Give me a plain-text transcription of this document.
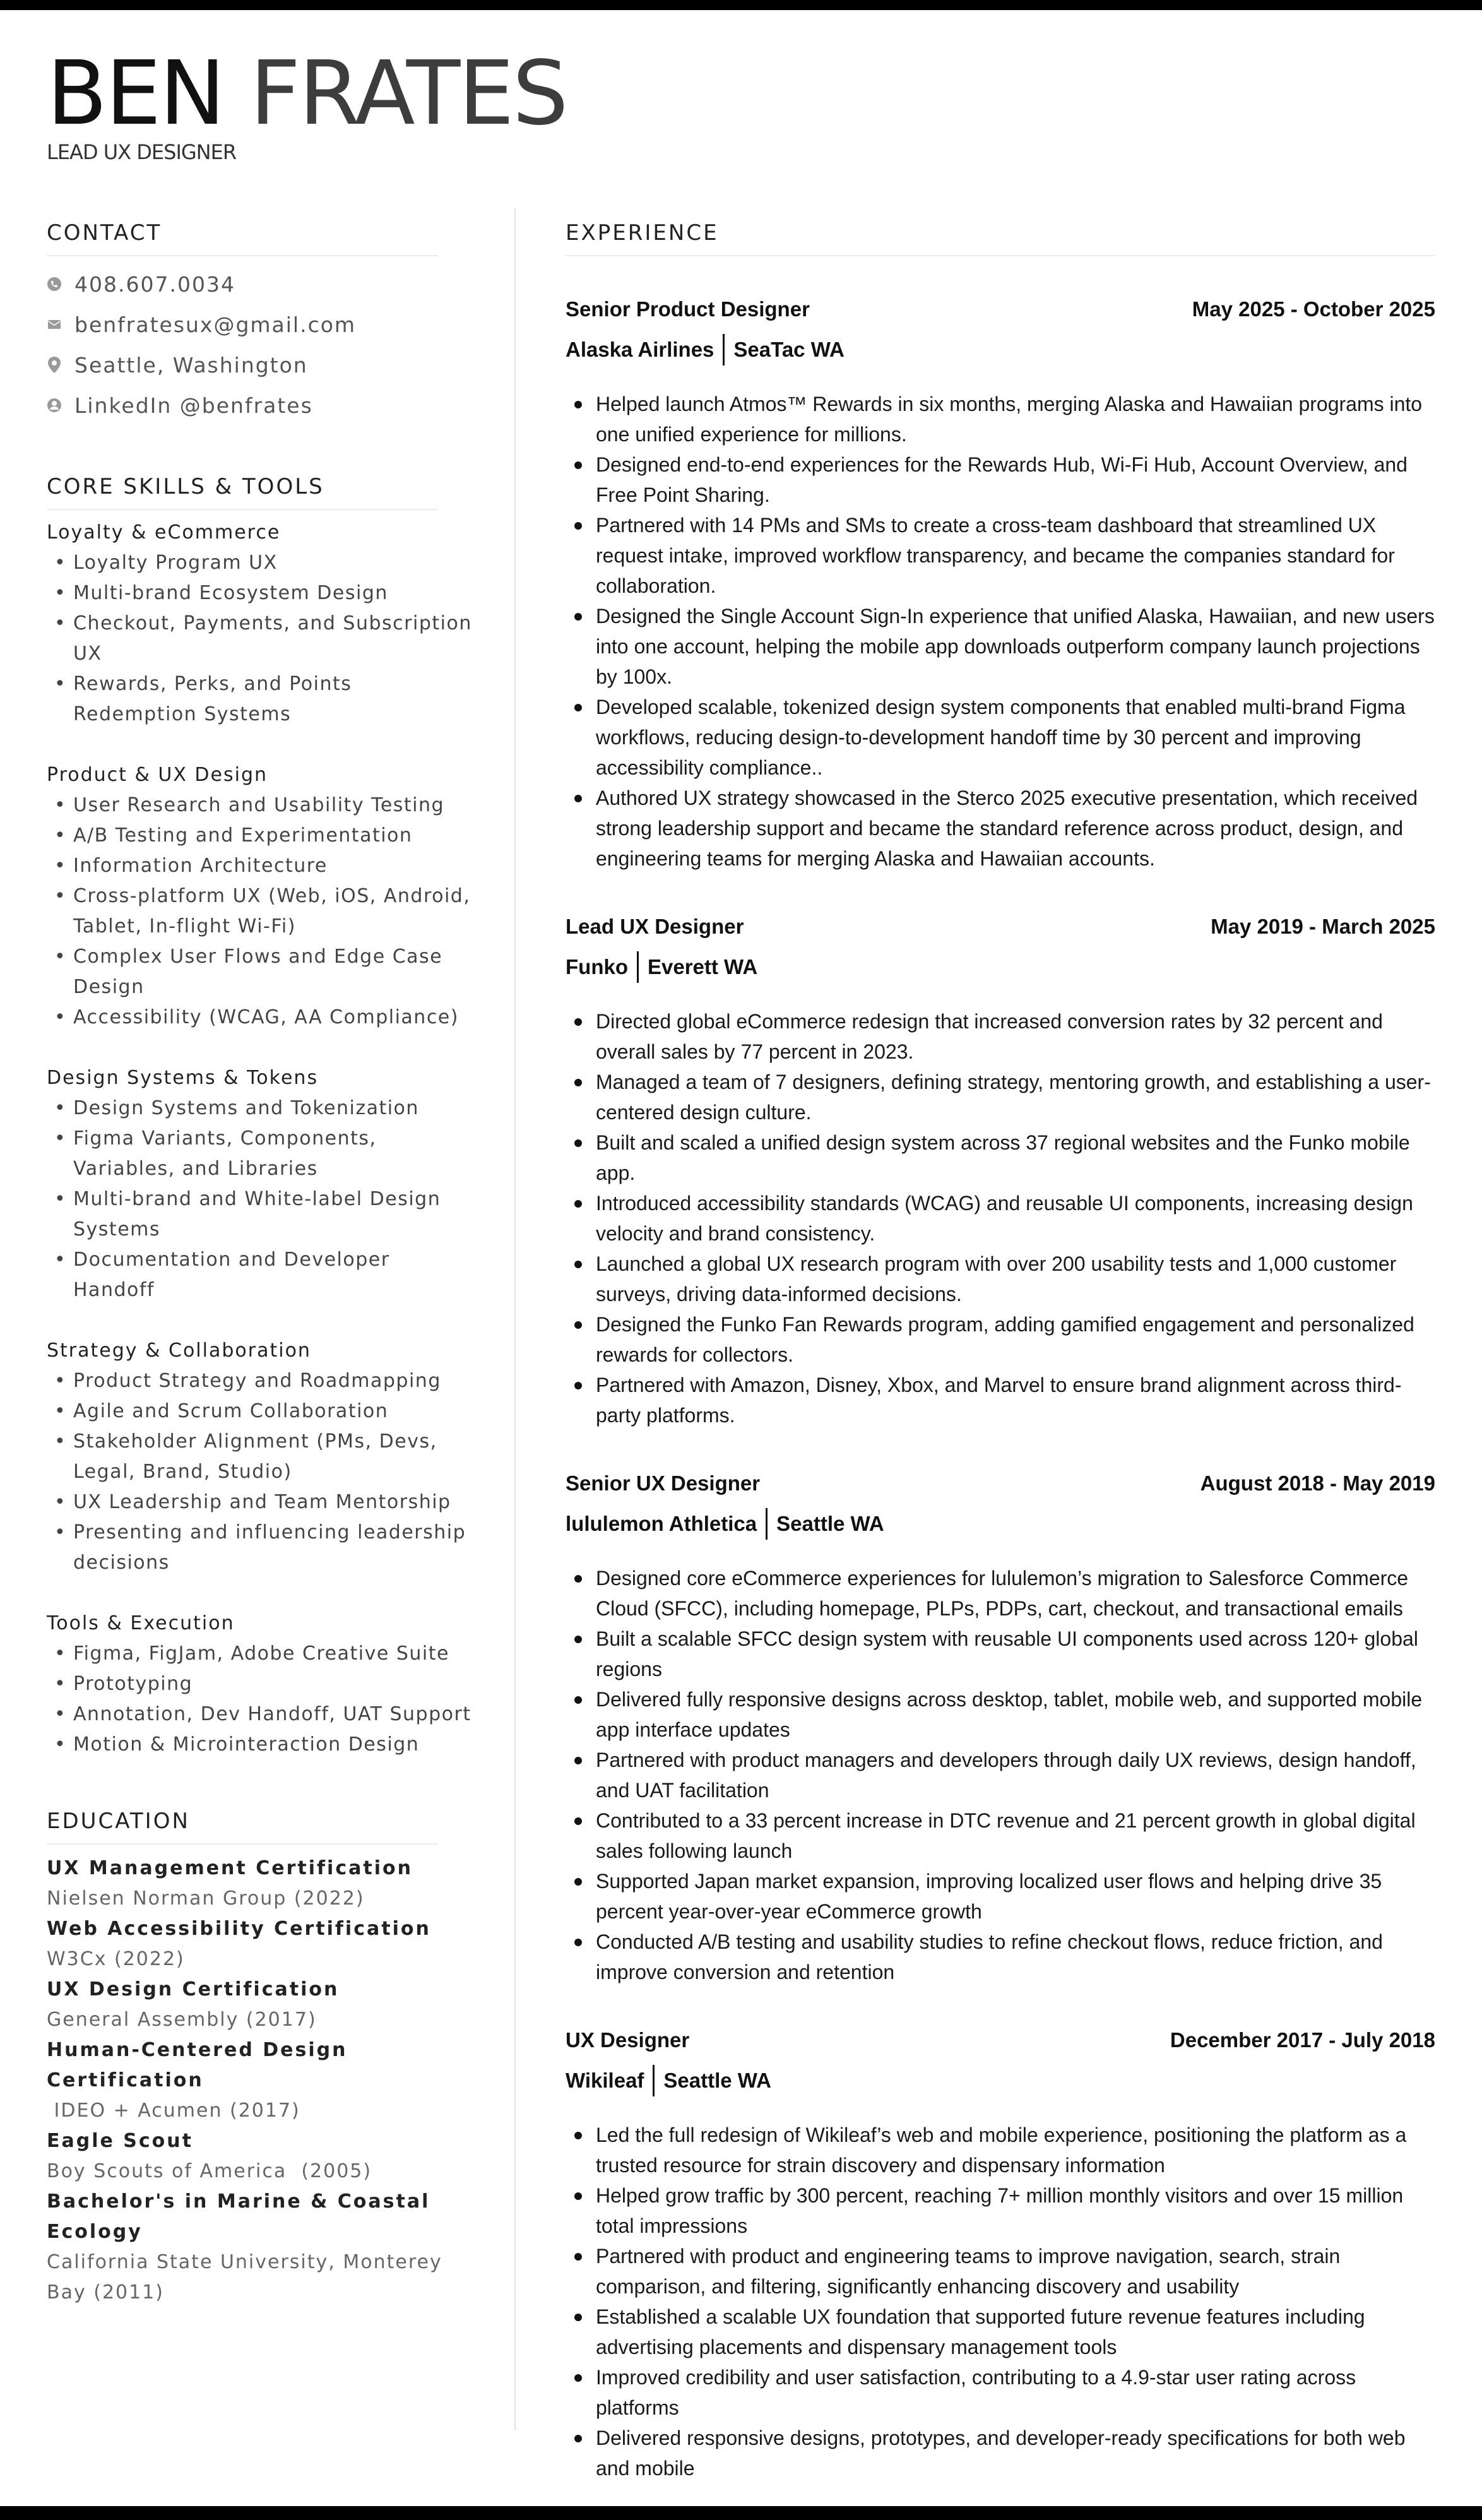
BEN FRATES
LEAD UX DESIGNER
CONTACT
408.607.0034
benfratesux@gmail.com
Seattle, Washington
LinkedIn @benfrates
CORE SKILLS & TOOLS
Loyalty & eCommerce
• Loyalty Program UX
• Multi-brand Ecosystem Design
• Checkout, Payments, and Subscription UX
• Rewards, Perks, and Points Redemption Systems
Product & UX Design
• User Research and Usability Testing
• A/B Testing and Experimentation
• Information Architecture
• Cross-platform UX (Web, iOS, Android, Tablet, In-flight Wi-Fi)
• Complex User Flows and Edge Case Design
• Accessibility (WCAG, AA Compliance)
Design Systems & Tokens
• Design Systems and Tokenization
• Figma Variants, Components, Variables, and Libraries
• Multi-brand and White-label Design Systems
• Documentation and Developer Handoff
Strategy & Collaboration
• Product Strategy and Roadmapping
• Agile and Scrum Collaboration
• Stakeholder Alignment (PMs, Devs, Legal, Brand, Studio)
• UX Leadership and Team Mentorship
• Presenting and influencing leadership decisions
Tools & Execution
• Figma, FigJam, Adobe Creative Suite
• Prototyping
• Annotation, Dev Handoff, UAT Support
• Motion & Microinteraction Design
EDUCATION
UX Management Certification
Nielsen Norman Group (2022)
Web Accessibility Certification
W3Cx (2022)
UX Design Certification
General Assembly (2017)
Human-Centered Design Certification
IDEO + Acumen (2017)
Eagle Scout
Boy Scouts of America  (2005)
Bachelor's in Marine & Coastal Ecology
California State University, Monterey Bay (2011)
EXPERIENCE
Senior Product Designer	May 2025 - October 2025
Alaska Airlines SeaTac WA
Helped launch Atmos™ Rewards in six months, merging Alaska and Hawaiian programs into one unified experience for millions.
Designed end-to-end experiences for the Rewards Hub, Wi-Fi Hub, Account Overview, and Free Point Sharing.
Partnered with 14 PMs and SMs to create a cross-team dashboard that streamlined UX request intake, improved workflow transparency, and became the companies standard for collaboration.
Designed the Single Account Sign-In experience that unified Alaska, Hawaiian, and new users into one account, helping the mobile app downloads outperform company launch projections by 100x.
Developed scalable, tokenized design system components that enabled multi-brand Figma workflows, reducing design-to-development handoff time by 30 percent and improving accessibility compliance..
Authored UX strategy showcased in the Sterco 2025 executive presentation, which received strong leadership support and became the standard reference across product, design, and engineering teams for merging Alaska and Hawaiian accounts.
Lead UX Designer	May 2019 - March 2025
Funko Everett WA
Directed global eCommerce redesign that increased conversion rates by 32 percent and overall sales by 77 percent in 2023.
Managed a team of 7 designers, defining strategy, mentoring growth, and establishing a user-centered design culture.
Built and scaled a unified design system across 37 regional websites and the Funko mobile app.
Introduced accessibility standards (WCAG) and reusable UI components, increasing design velocity and brand consistency.
Launched a global UX research program with over 200 usability tests and 1,000 customer surveys, driving data-informed decisions.
Designed the Funko Fan Rewards program, adding gamified engagement and personalized rewards for collectors.
Partnered with Amazon, Disney, Xbox, and Marvel to ensure brand alignment across third-party platforms.
Senior UX Designer	August 2018 - May 2019
lululemon Athletica Seattle WA
Designed core eCommerce experiences for lululemon’s migration to Salesforce Commerce Cloud (SFCC), including homepage, PLPs, PDPs, cart, checkout, and transactional emails
Built a scalable SFCC design system with reusable UI components used across 120+ global regions
Delivered fully responsive designs across desktop, tablet, mobile web, and supported mobile app interface updates
Partnered with product managers and developers through daily UX reviews, design handoff, and UAT facilitation
Contributed to a 33 percent increase in DTC revenue and 21 percent growth in global digital sales following launch
Supported Japan market expansion, improving localized user flows and helping drive 35 percent year-over-year eCommerce growth
Conducted A/B testing and usability studies to refine checkout flows, reduce friction, and improve conversion and retention
UX Designer	December 2017 - July 2018
Wikileaf Seattle WA
Led the full redesign of Wikileaf’s web and mobile experience, positioning the platform as a trusted resource for strain discovery and dispensary information
Helped grow traffic by 300 percent, reaching 7+ million monthly visitors and over 15 million total impressions
Partnered with product and engineering teams to improve navigation, search, strain comparison, and filtering, significantly enhancing discovery and usability
Established a scalable UX foundation that supported future revenue features including advertising placements and dispensary management tools
Improved credibility and user satisfaction, contributing to a 4.9-star user rating across platforms
Delivered responsive designs, prototypes, and developer-ready specifications for both web and mobile
